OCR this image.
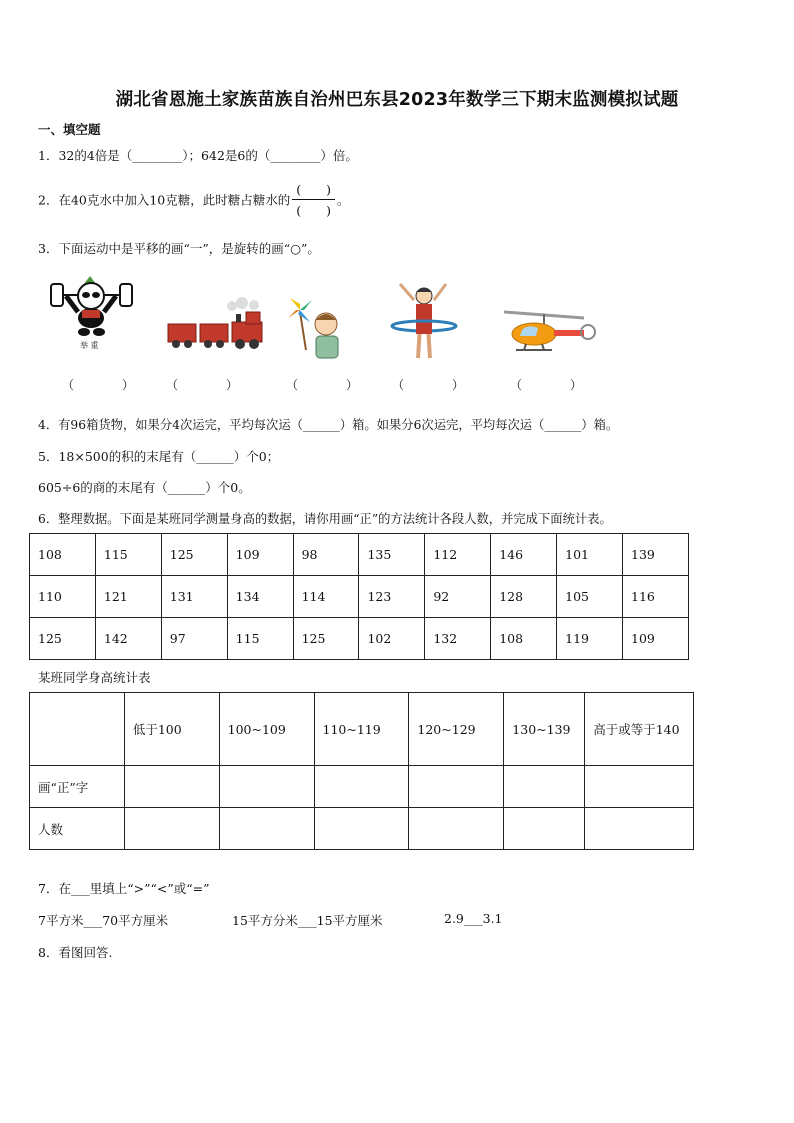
湖北省恩施土家族苗族自治州巴东县2023年数学三下期末监测模拟试题
一、填空题
1．32的4倍是（________）；642是6的（________）倍。
2．在40克水中加入10克糖，此时糖占糖水的 $\frac{( )}{( )}$ 。
3．下面运动中是平移的画“一”，是旋转的画“○”。
举 重
（　　　　）	（　　　　）	（　　　　）	（　　　　）	（　　　　）
4．有96箱货物，如果分4次运完，平均每次运（______）箱。如果分6次运完，平均每次运（______）箱。
5．18×500的积的末尾有（______）个0；
605÷6的商的末尾有（______）个0。
6．整理数据。下面是某班同学测量身高的数据，请你用画“正”的方法统计各段人数，并完成下面统计表。
108	115	125	109	98	135	112	146	101	139
110	121	131	134	114	123	92	128	105	116
125	142	97	115	125	102	132	108	119	109
某班同学身高统计表
	低于100	100~109	110~119	120~129	130~139	高于或等于140
画“正”字						
人数						
7．在___里填上“>”“<”或“=”
7平方米___70平方厘米	15平方分米___15平方厘米	2.9___3.1
8．看图回答.
